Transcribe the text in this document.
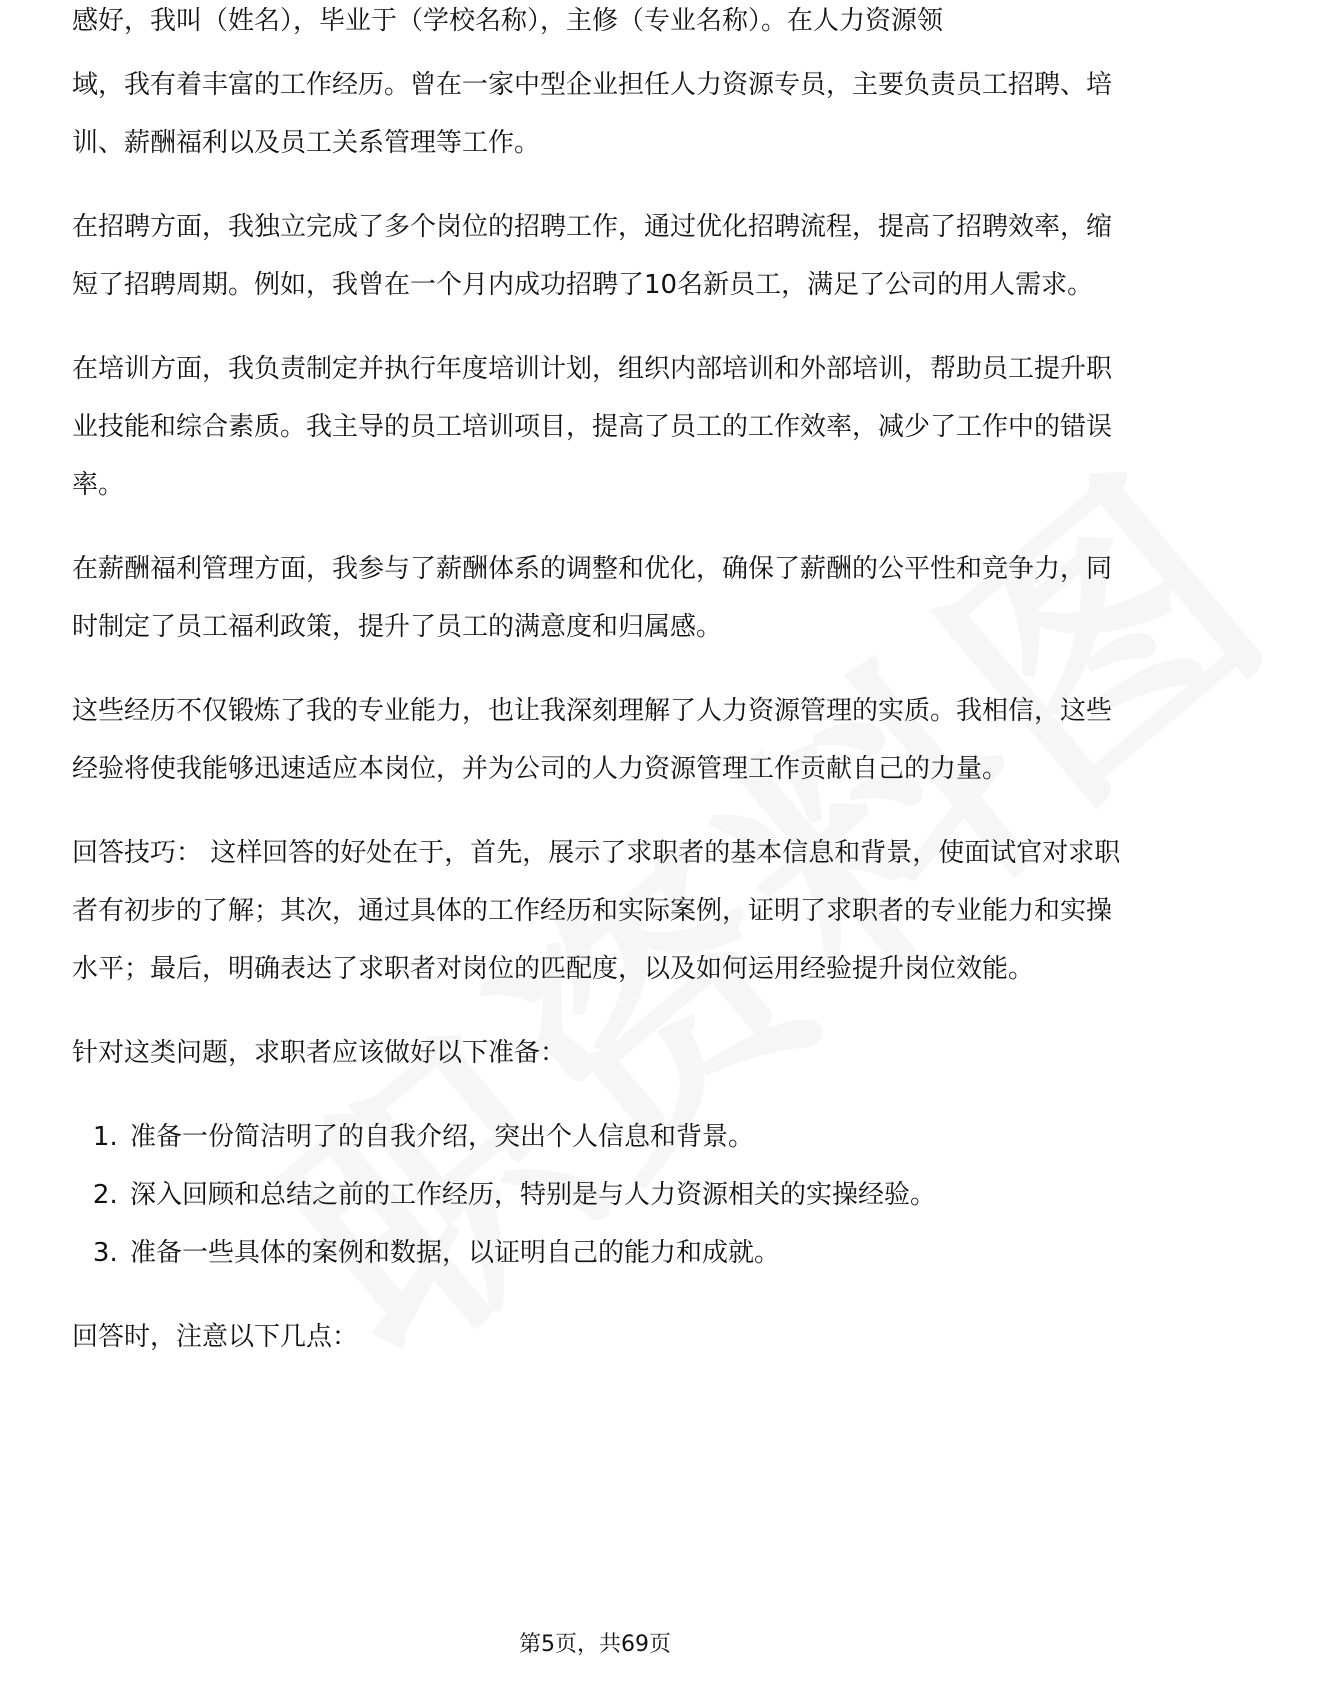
感好，我叫（姓名），毕业于（学校名称），主修（专业名称）。在人力资源领

域，我有着丰富的工作经历。曾在一家中型企业担任人力资源专员，主要负责员工招聘、培训、薪酬福利以及员工关系管理等工作。

在招聘方面，我独立完成了多个岗位的招聘工作，通过优化招聘流程，提高了招聘效率，缩短了招聘周期。例如，我曾在一个月内成功招聘了10名新员工，满足了公司的用人需求。

在培训方面，我负责制定并执行年度培训计划，组织内部培训和外部培训，帮助员工提升职业技能和综合素质。我主导的员工培训项目，提高了员工的工作效率，减少了工作中的错误率。

在薪酬福利管理方面，我参与了薪酬体系的调整和优化，确保了薪酬的公平性和竞争力，同时制定了员工福利政策，提升了员工的满意度和归属感。

这些经历不仅锻炼了我的专业能力，也让我深刻理解了人力资源管理的实质。我相信，这些经验将使我能够迅速适应本岗位，并为公司的人力资源管理工作贡献自己的力量。

回答技巧： 这样回答的好处在于，首先，展示了求职者的基本信息和背景，使面试官对求职者有初步的了解；其次，通过具体的工作经历和实际案例，证明了求职者的专业能力和实操水平；最后，明确表达了求职者对岗位的匹配度，以及如何运用经验提升岗位效能。

针对这类问题，求职者应该做好以下准备：

1. 准备一份简洁明了的自我介绍，突出个人信息和背景。
2. 深入回顾和总结之前的工作经历，特别是与人力资源相关的实操经验。
3. 准备一些具体的案例和数据，以证明自己的能力和成就。

回答时，注意以下几点：

第5页，共69页
